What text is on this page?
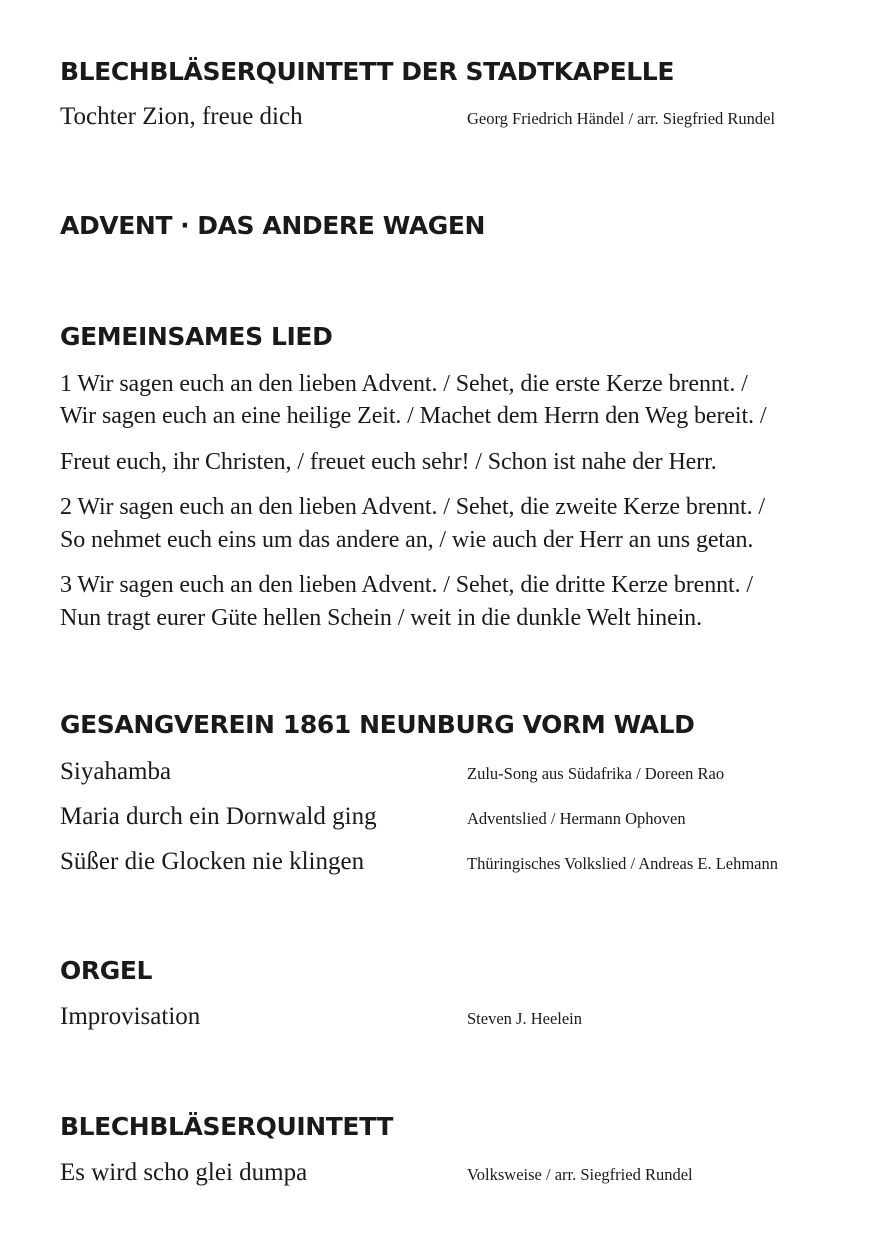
BLECHBLÄSERQUINTETT DER STADTKAPELLE
Tochter Zion, freue dich	Georg Friedrich Händel / arr. Siegfried Rundel
ADVENT · DAS ANDERE WAGEN
GEMEINSAMES LIED
1 Wir sagen euch an den lieben Advent. / Sehet, die erste Kerze brennt. /
Wir sagen euch an eine heilige Zeit. / Machet dem Herrn den Weg bereit. /
Freut euch, ihr Christen, / freuet euch sehr! / Schon ist nahe der Herr.
2 Wir sagen euch an den lieben Advent. / Sehet, die zweite Kerze brennt. /
So nehmet euch eins um das andere an, / wie auch der Herr an uns getan.
3 Wir sagen euch an den lieben Advent. / Sehet, die dritte Kerze brennt. /
Nun tragt eurer Güte hellen Schein / weit in die dunkle Welt hinein.
GESANGVEREIN 1861 NEUNBURG VORM WALD
Siyahamba	Zulu-Song aus Südafrika / Doreen Rao
Maria durch ein Dornwald ging	Adventslied / Hermann Ophoven
Süßer die Glocken nie klingen	Thüringisches Volkslied / Andreas E. Lehmann
ORGEL
Improvisation	Steven J. Heelein
BLECHBLÄSERQUINTETT
Es wird scho glei dumpa	Volksweise / arr. Siegfried Rundel
